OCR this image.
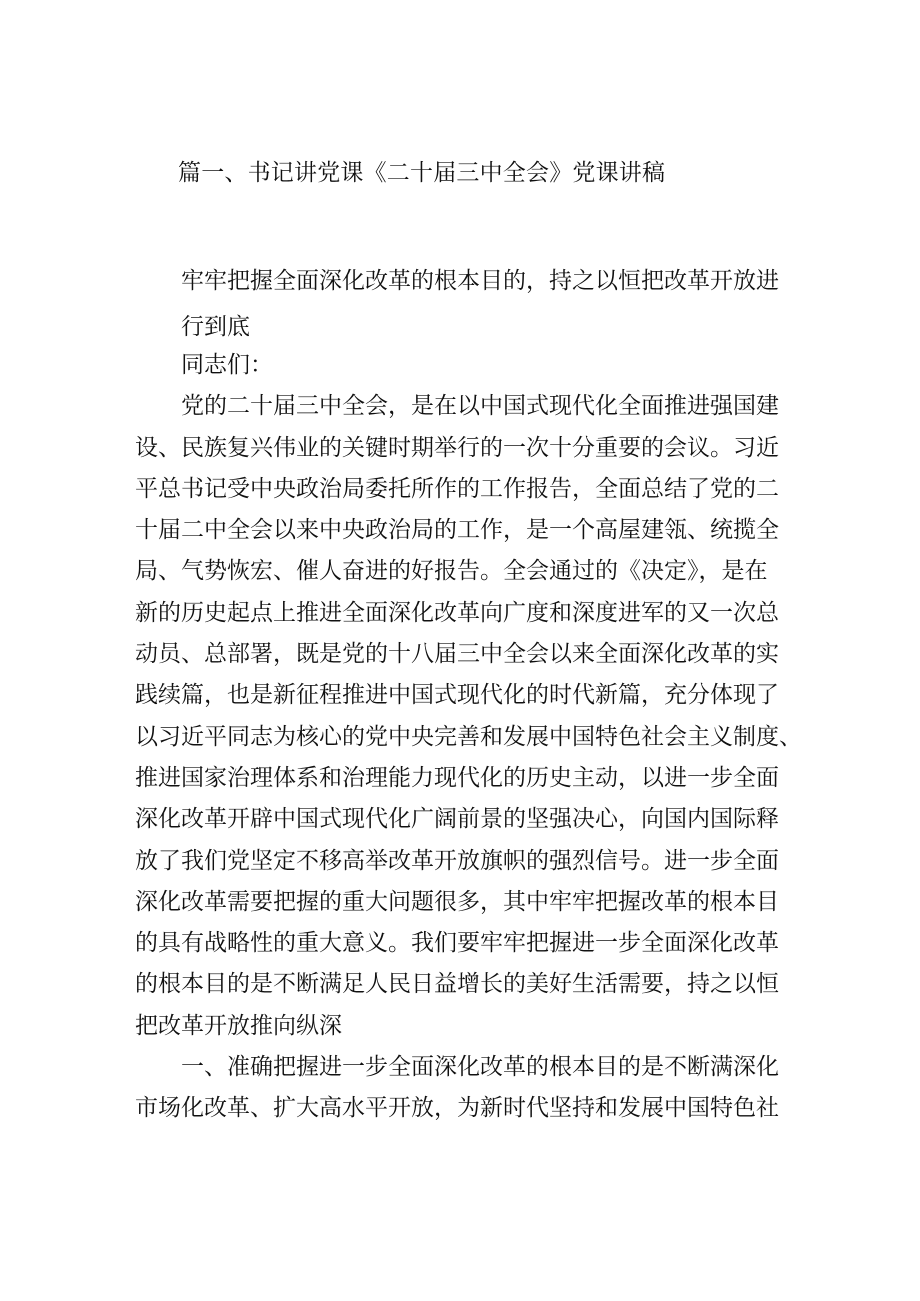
篇一、书记讲党课《二十届三中全会》党课讲稿
牢牢把握全面深化改革的根本目的，持之以恒把改革开放进
行到底
同志们：
党的二十届三中全会，是在以中国式现代化全面推进强国建
设、民族复兴伟业的关键时期举行的一次十分重要的会议。习近
平总书记受中央政治局委托所作的工作报告，全面总结了党的二
十届二中全会以来中央政治局的工作，是一个高屋建瓴、统揽全
局、气势恢宏、催人奋进的好报告。全会通过的《决定》，是在
新的历史起点上推进全面深化改革向广度和深度进军的又一次总
动员、总部署，既是党的十八届三中全会以来全面深化改革的实
践续篇，也是新征程推进中国式现代化的时代新篇，充分体现了
以习近平同志为核心的党中央完善和发展中国特色社会主义制度、
推进国家治理体系和治理能力现代化的历史主动，以进一步全面
深化改革开辟中国式现代化广阔前景的坚强决心，向国内国际释
放了我们党坚定不移高举改革开放旗帜的强烈信号。进一步全面
深化改革需要把握的重大问题很多，其中牢牢把握改革的根本目
的具有战略性的重大意义。我们要牢牢把握进一步全面深化改革
的根本目的是不断满足人民日益增长的美好生活需要，持之以恒
把改革开放推向纵深
一、准确把握进一步全面深化改革的根本目的是不断满深化
市场化改革、扩大高水平开放，为新时代坚持和发展中国特色社
